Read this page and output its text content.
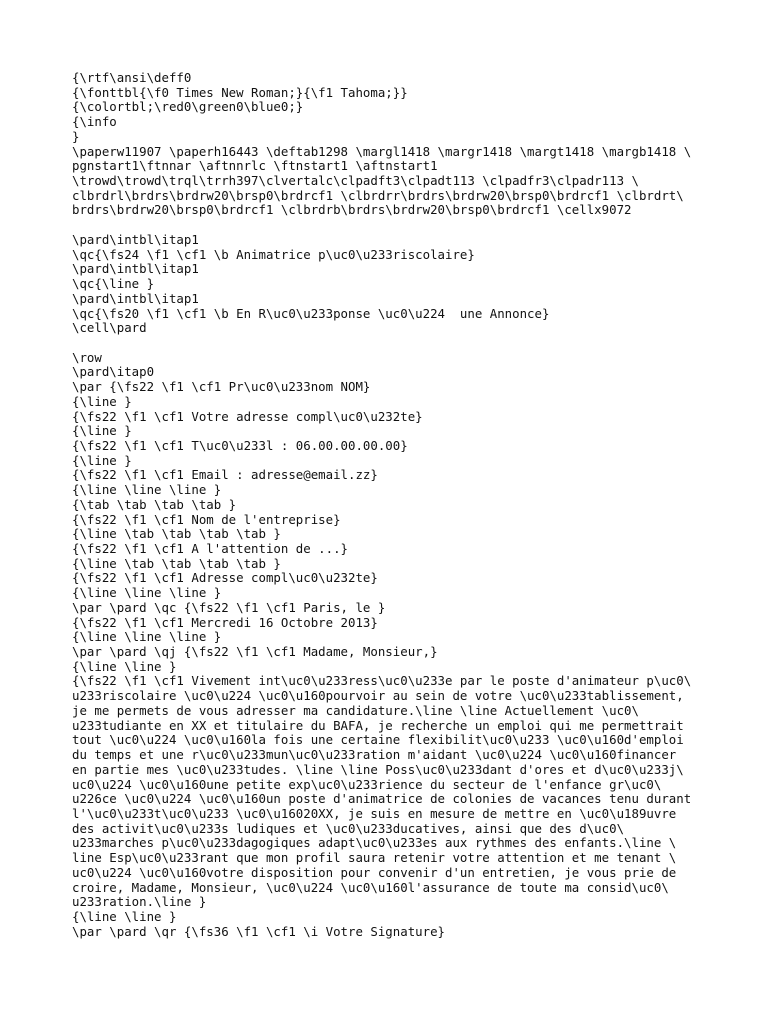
{\rtf\ansi\deff0
{\fonttbl{\f0 Times New Roman;}{\f1 Tahoma;}}
{\colortbl;\red0\green0\blue0;}
{\info
}
\paperw11907 \paperh16443 \deftab1298 \margl1418 \margr1418 \margt1418 \margb1418 \
pgnstart1\ftnnar \aftnnrlc \ftnstart1 \aftnstart1
\trowd\trowd\trql\trrh397\clvertalc\clpadft3\clpadt113 \clpadfr3\clpadr113 \
clbrdrl\brdrs\brdrw20\brsp0\brdrcf1 \clbrdrr\brdrs\brdrw20\brsp0\brdrcf1 \clbrdrt\
brdrs\brdrw20\brsp0\brdrcf1 \clbrdrb\brdrs\brdrw20\brsp0\brdrcf1 \cellx9072
\pard\intbl\itap1
\qc{\fs24 \f1 \cf1 \b Animatrice p\uc0\u233riscolaire}
\pard\intbl\itap1
\qc{\line }
\pard\intbl\itap1
\qc{\fs20 \f1 \cf1 \b En R\uc0\u233ponse \uc0\u224  une Annonce}
\cell\pard
\row
\pard\itap0
\par {\fs22 \f1 \cf1 Pr\uc0\u233nom NOM}
{\line }
{\fs22 \f1 \cf1 Votre adresse compl\uc0\u232te}
{\line }
{\fs22 \f1 \cf1 T\uc0\u233l : 06.00.00.00.00}
{\line }
{\fs22 \f1 \cf1 Email : adresse@email.zz}
{\line \line \line }
{\tab \tab \tab \tab }
{\fs22 \f1 \cf1 Nom de l'entreprise}
{\line \tab \tab \tab \tab }
{\fs22 \f1 \cf1 A l'attention de ...}
{\line \tab \tab \tab \tab }
{\fs22 \f1 \cf1 Adresse compl\uc0\u232te}
{\line \line \line }
\par \pard \qc {\fs22 \f1 \cf1 Paris, le }
{\fs22 \f1 \cf1 Mercredi 16 Octobre 2013}
{\line \line \line }
\par \pard \qj {\fs22 \f1 \cf1 Madame, Monsieur,}
{\line \line }
{\fs22 \f1 \cf1 Vivement int\uc0\u233ress\uc0\u233e par le poste d'animateur p\uc0\
u233riscolaire \uc0\u224 \uc0\u160pourvoir au sein de votre \uc0\u233tablissement,
je me permets de vous adresser ma candidature.\line \line Actuellement \uc0\
u233tudiante en XX et titulaire du BAFA, je recherche un emploi qui me permettrait
tout \uc0\u224 \uc0\u160la fois une certaine flexibilit\uc0\u233 \uc0\u160d'emploi
du temps et une r\uc0\u233mun\uc0\u233ration m'aidant \uc0\u224 \uc0\u160financer
en partie mes \uc0\u233tudes. \line \line Poss\uc0\u233dant d'ores et d\uc0\u233j\
uc0\u224 \uc0\u160une petite exp\uc0\u233rience du secteur de l'enfance gr\uc0\
u226ce \uc0\u224 \uc0\u160un poste d'animatrice de colonies de vacances tenu durant
l'\uc0\u233t\uc0\u233 \uc0\u16020XX, je suis en mesure de mettre en \uc0\u189uvre
des activit\uc0\u233s ludiques et \uc0\u233ducatives, ainsi que des d\uc0\
u233marches p\uc0\u233dagogiques adapt\uc0\u233es aux rythmes des enfants.\line \
line Esp\uc0\u233rant que mon profil saura retenir votre attention et me tenant \
uc0\u224 \uc0\u160votre disposition pour convenir d'un entretien, je vous prie de
croire, Madame, Monsieur, \uc0\u224 \uc0\u160l'assurance de toute ma consid\uc0\
u233ration.\line }
{\line \line }
\par \pard \qr {\fs36 \f1 \cf1 \i Votre Signature}
